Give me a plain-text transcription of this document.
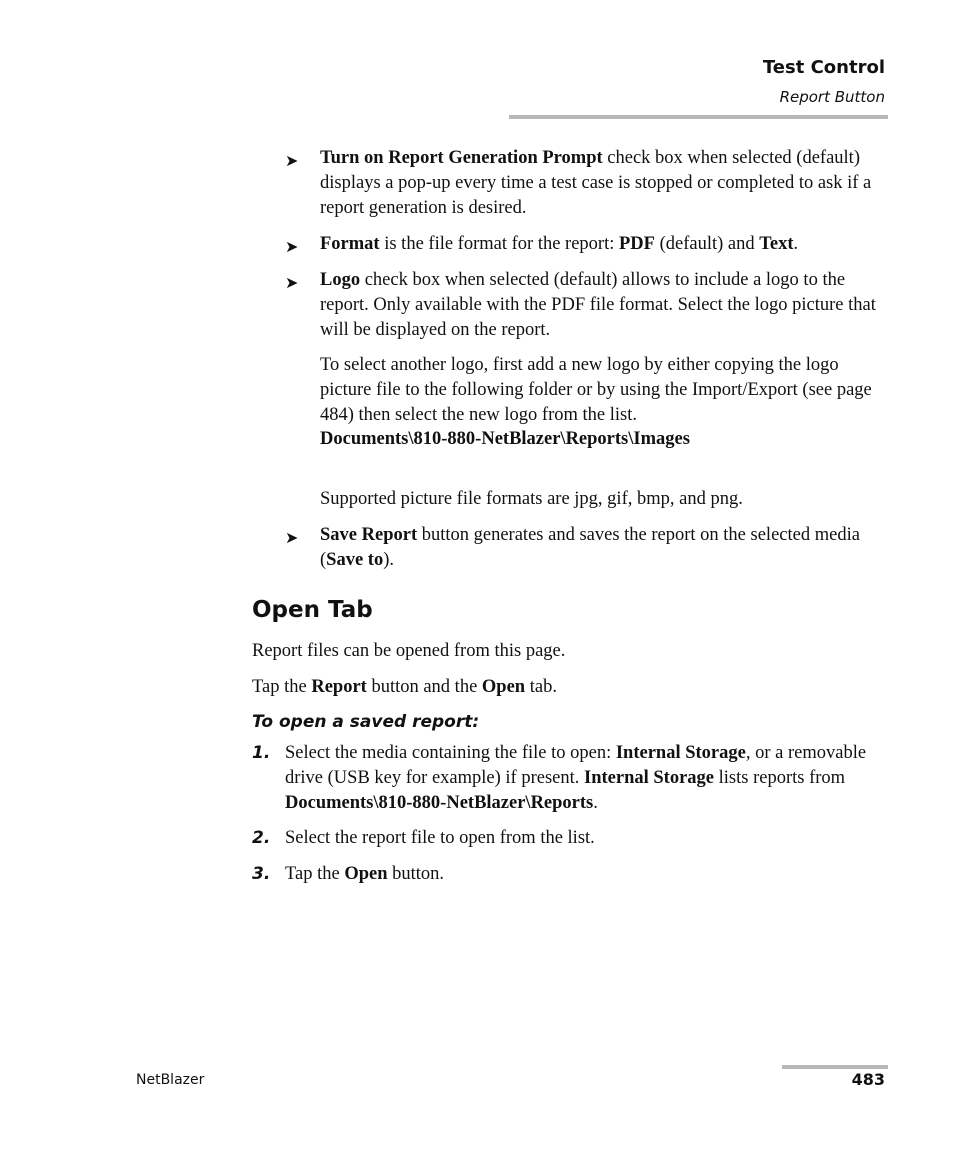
Test Control
Report Button
➤ Turn on Report Generation Prompt check box when selected (default) displays a pop-up every time a test case is stopped or completed to ask if a report generation is desired.
➤ Format is the file format for the report: PDF (default) and Text.
➤ Logo check box when selected (default) allows to include a logo to the report. Only available with the PDF file format. Select the logo picture that will be displayed on the report.
To select another logo, first add a new logo by either copying the logo picture file to the following folder or by using the Import/Export (see page 484) then select the new logo from the list.
Documents\810-880-NetBlazer\Reports\Images
Supported picture file formats are jpg, gif, bmp, and png.
➤ Save Report button generates and saves the report on the selected media (Save to).
Open Tab
Report files can be opened from this page.
Tap the Report button and the Open tab.
To open a saved report:
1. Select the media containing the file to open: Internal Storage, or a removable drive (USB key for example) if present. Internal Storage lists reports from Documents\810-880-NetBlazer\Reports.
2. Select the report file to open from the list.
3. Tap the Open button.
NetBlazer	483
